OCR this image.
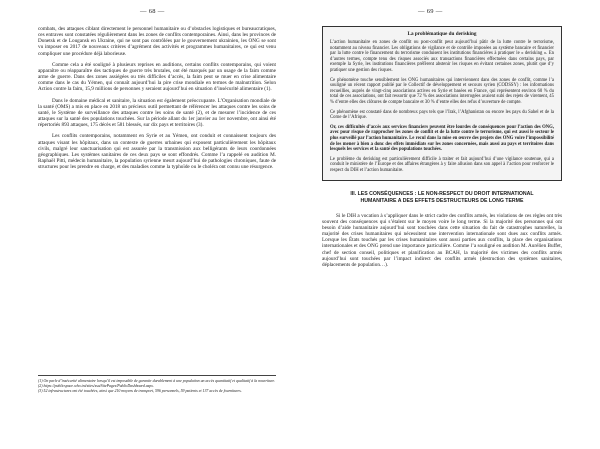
— 68 —

combats, des attaques ciblant directement le personnel humanitaire ou d’obstacles logistiques et bureaucratiques, ces entraves sont constatées régulièrement dans les zones de conflits contemporaines. Ainsi, dans les provinces de Donetsk et de Lougansk en Ukraine, qui ne sont pas contrôlées par le gouvernement ukrainien, les ONG se sont vu imposer en 2017 de nouveaux critères d’agrément des activités et programmes humanitaires, ce qui est venu compliquer une procédure déjà laborieuse.

Comme cela a été souligné à plusieurs reprises en auditions, certains conflits contemporains, qui voient apparaître ou réapparaître des tactiques de guerre très brutales, ont été marqués par un usage de la faim comme arme de guerre. Dans des zones assiégées ou très difficiles d’accès, la faim peut se muer en crise alimentaire comme dans le cas du Yémen, qui connaît aujourd’hui la pire crise mondiale en termes de malnutrition. Selon Action contre la faim, 15,9 millions de personnes y seraient aujourd’hui en situation d’insécurité alimentaire (1).

Dans le domaine médical et sanitaire, la situation est également préoccupante. L’Organisation mondiale de la santé (OMS) a mis en place en 2018 un précieux outil permettant de référencer les attaques contre les soins de santé, le Système de surveillance des attaques contre les soins de santé (2), et de mesurer l’incidence de ces attaques sur la santé des populations touchées. Sur la période allant du 1er janvier au 1er novembre, ont ainsi été répertoriés 893 attaques, 175 décès et 581 blessés, sur dix pays et territoires (3).

Les conflits contemporains, notamment en Syrie et au Yémen, ont conduit et connaissent toujours des attaques visant les hôpitaux, dans un contexte de guerres urbaines qui exposent particulièrement les hôpitaux civils, malgré leur sanctuarisation qui est assurée par la transmission aux belligérants de leurs coordonnées géographiques. Les systèmes sanitaires de ces deux pays se sont effondrés. Comme l’a rappelé en audition M. Raphaël Pitti, médecin humanitaire, la population syrienne meurt aujourd’hui de pathologies chroniques, faute de structures pour les prendre en charge, et des maladies comme la typhoïde ou le choléra ont connu une résurgence.

(1) On parle d’insécurité alimentaire lorsqu’il est impossible de garantir durablement à une population un accès quantitatif et qualitatif à la nourriture.
(2) https://publicspace.who.int/sites/ssa/SitePages/PublicDashboard.aspx.
(3) 52 infrastructures ont été touchées, ainsi que 210 moyens de transport, 596 personnels, 59 patients et 137 accès de fournitures.
— 69 —
La problématique du derisking

L’action humanitaire en zones de conflit ou post-conflit peut aujourd’hui pâtir de la lutte contre le terrorisme, notamment au niveau financier. Les obligations de vigilance et de contrôle imposées au système bancaire et financier par la lutte contre le financement du terrorisme conduisent les institutions financières à pratiquer le « derisking ». En d’autres termes, compte tenu des risques associés aux transactions financières effectuées dans certains pays, par exemple la Syrie, les institutions financières préfèrent abstenir les risques en évitant certaines zones, plutôt que d’y pratiquer une gestion des risques.

Ce phénomène touche sensiblement les ONG humanitaires qui interviennent dans des zones de conflit, comme l’a souligné un récent rapport publié par le Collectif de développement et secours syrien (CODSSY) : les informations recueillies, auprès de vingt-cinq associations actives en Syrie et basées en France, qui représentent environ 60 % du total de ces associations, ont fait ressortir que 72 % des associations interrogées avaient subi des rejets de virement, 45 % d’entre elles des clôtures de compte bancaire et 30 % d’entre elles des refus d’ouverture de compte.

Ce phénomène est constaté dans de nombreux pays tels que l’Irak, l’Afghanistan ou encore les pays du Sahel et de la Corne de l’Afrique.

Or, ces difficultés d’accès aux services financiers peuvent être lourdes de conséquences pour l’action des ONG, avec pour risque de rapprocher les zones de conflit et de la lutte contre le terrorisme, qui est aussi le secteur le plus surveillé par l’action humanitaire. Le recul dans la mise en œuvre des projets des ONG voire l’impossibilité de les mener à bien a donc des effets immédiats sur les zones concernées, mais aussi au pays et territoires dans lesquels les services et la santé des populations touchées.

Le problème du derisking est particulièrement difficile à traiter et fait aujourd’hui d’une vigilance soutenue, qui a conduit le ministère de l’Europe et des affaires étrangères à y faire allusion dans son appel à l’action pour renforcer le respect du DIH et l’action humanitaire.

III. LES CONSÉQUENCES : LE NON-RESPECT DU DROIT INTERNATIONAL HUMANITAIRE A DES EFFETS DESTRUCTEURS DE LONG TERME

Si le DIH a vocation à s’appliquer dans le strict cadre des conflits armés, les violations de ces règles ont très souvent des conséquences qui s’étalent sur le moyen voire le long terme. Si la majorité des personnes qui ont besoin d’aide humanitaire aujourd’hui sont touchées dans cette situation du fait de catastrophes naturelles, la majorité des crises humanitaires qui nécessitent une intervention internationale sont dues aux conflits armés. Lorsque les États touchés par les crises humanitaires sont aussi parties aux conflits, la place des organisations internationales et des ONG prend une importance particulière. Comme l’a souligné en audition M. Aurélien Buffet, chef de section conseil, politiques et planification au BCAH, la majorité des victimes des conflits armés aujourd’hui sont touchées par l’impact indirect des conflits armés (destruction des systèmes sanitaires, déplacements de population…).
